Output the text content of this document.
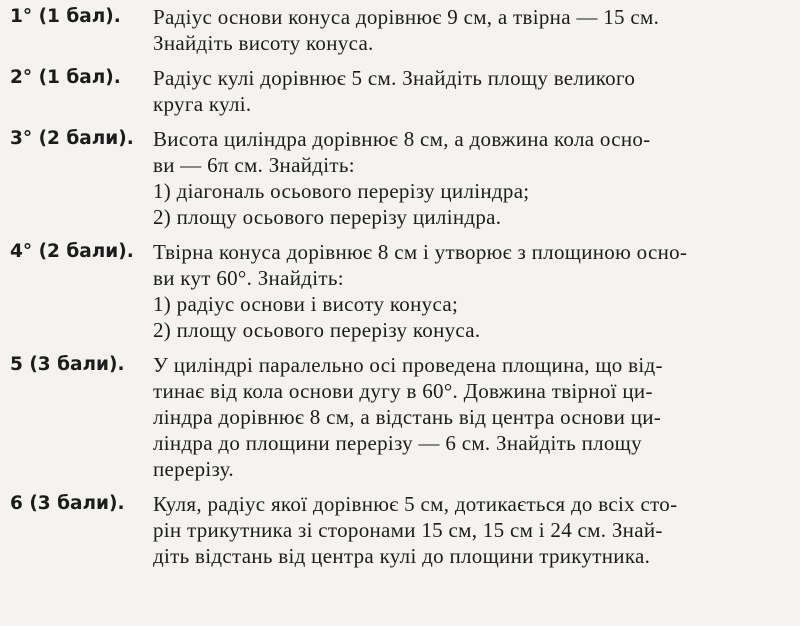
1° (1 бал).	Радіус основи конуса дорівнює 9 см, а твірна — 15 см.
Знайдіть висоту конуса.
2° (1 бал).	Радіус кулі дорівнює 5 см. Знайдіть площу великого
круга кулі.
3° (2 бали). Висота циліндра дорівнює 8 см, а довжина кола осно-
ви — 6π см. Знайдіть:
1) діагональ осьового перерізу циліндра;
2) площу осьового перерізу циліндра.
4° (2 бали). Твірна конуса дорівнює 8 см і утворює з площиною осно-
ви кут 60°. Знайдіть:
1) радіус основи і висоту конуса;
2) площу осьового перерізу конуса.
5 (3 бали).	У циліндрі паралельно осі проведена площина, що від-
тинає від кола основи дугу в 60°. Довжина твірної ци-
ліндра дорівнює 8 см, а відстань від центра основи ци-
ліндра до площини перерізу — 6 см. Знайдіть площу
перерізу.
6 (3 бали).	Куля, радіус якої дорівнює 5 см, дотикається до всіх сто-
рін трикутника зі сторонами 15 см, 15 см і 24 см. Знай-
діть відстань від центра кулі до площини трикутника.
